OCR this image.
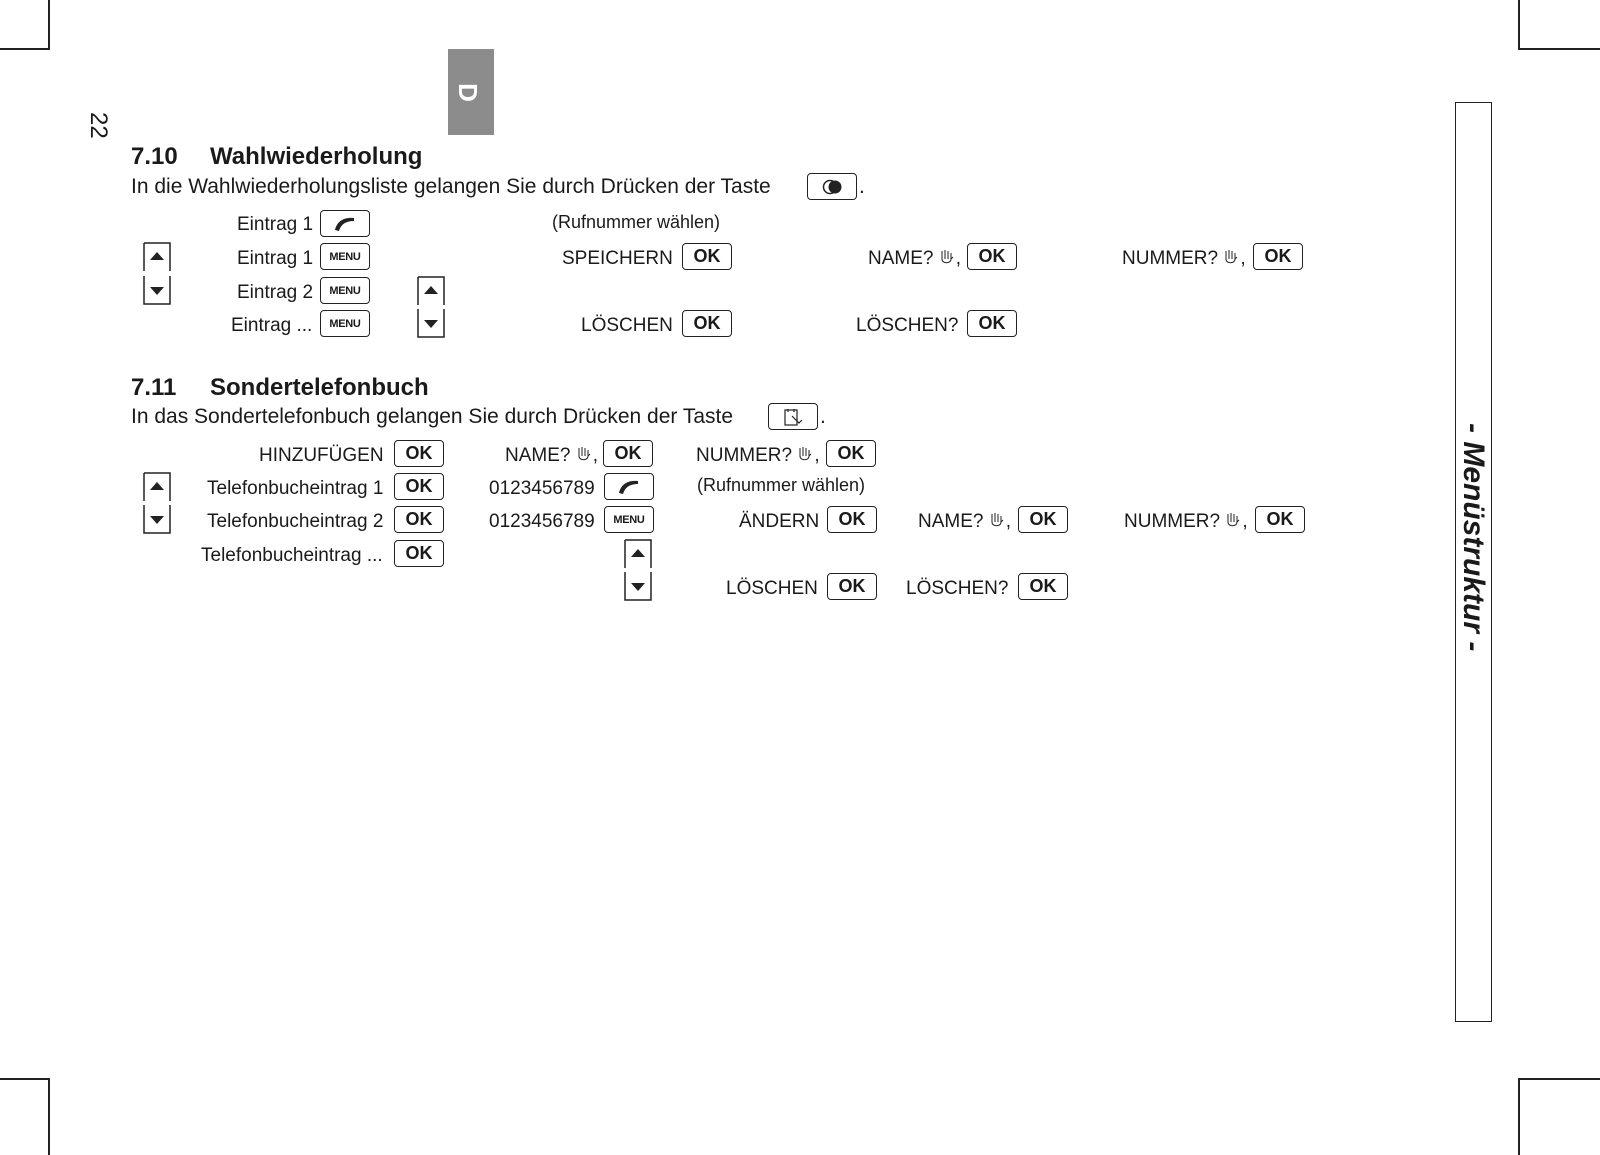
22
D
- Menüstruktur -
7.10 Wahlwiederholung
In die Wahlwiederholungsliste gelangen Sie durch Drücken der Taste	.
Eintrag 1	(Rufnummer wählen)
Eintrag 1	MENU	SPEICHERN	OK	NAME? , OK	NUMMER? ,	OK
Eintrag 2	MENU
Eintrag ...	MENU	LÖSCHEN	OK	LÖSCHEN?	OK
7.11 Sondertelefonbuch
In das Sondertelefonbuch gelangen Sie durch Drücken der Taste	.
HINZUFÜGEN	OK	NAME? , OK	NUMMER? , OK
Telefonbucheintrag 1	OK	0123456789	(Rufnummer wählen)
Telefonbucheintrag 2	OK	0123456789	MENU	ÄNDERN	OK	NAME? ,	OK	NUMMER? ,	OK
Telefonbucheintrag ...	OK
LÖSCHEN	OK	LÖSCHEN?	OK
